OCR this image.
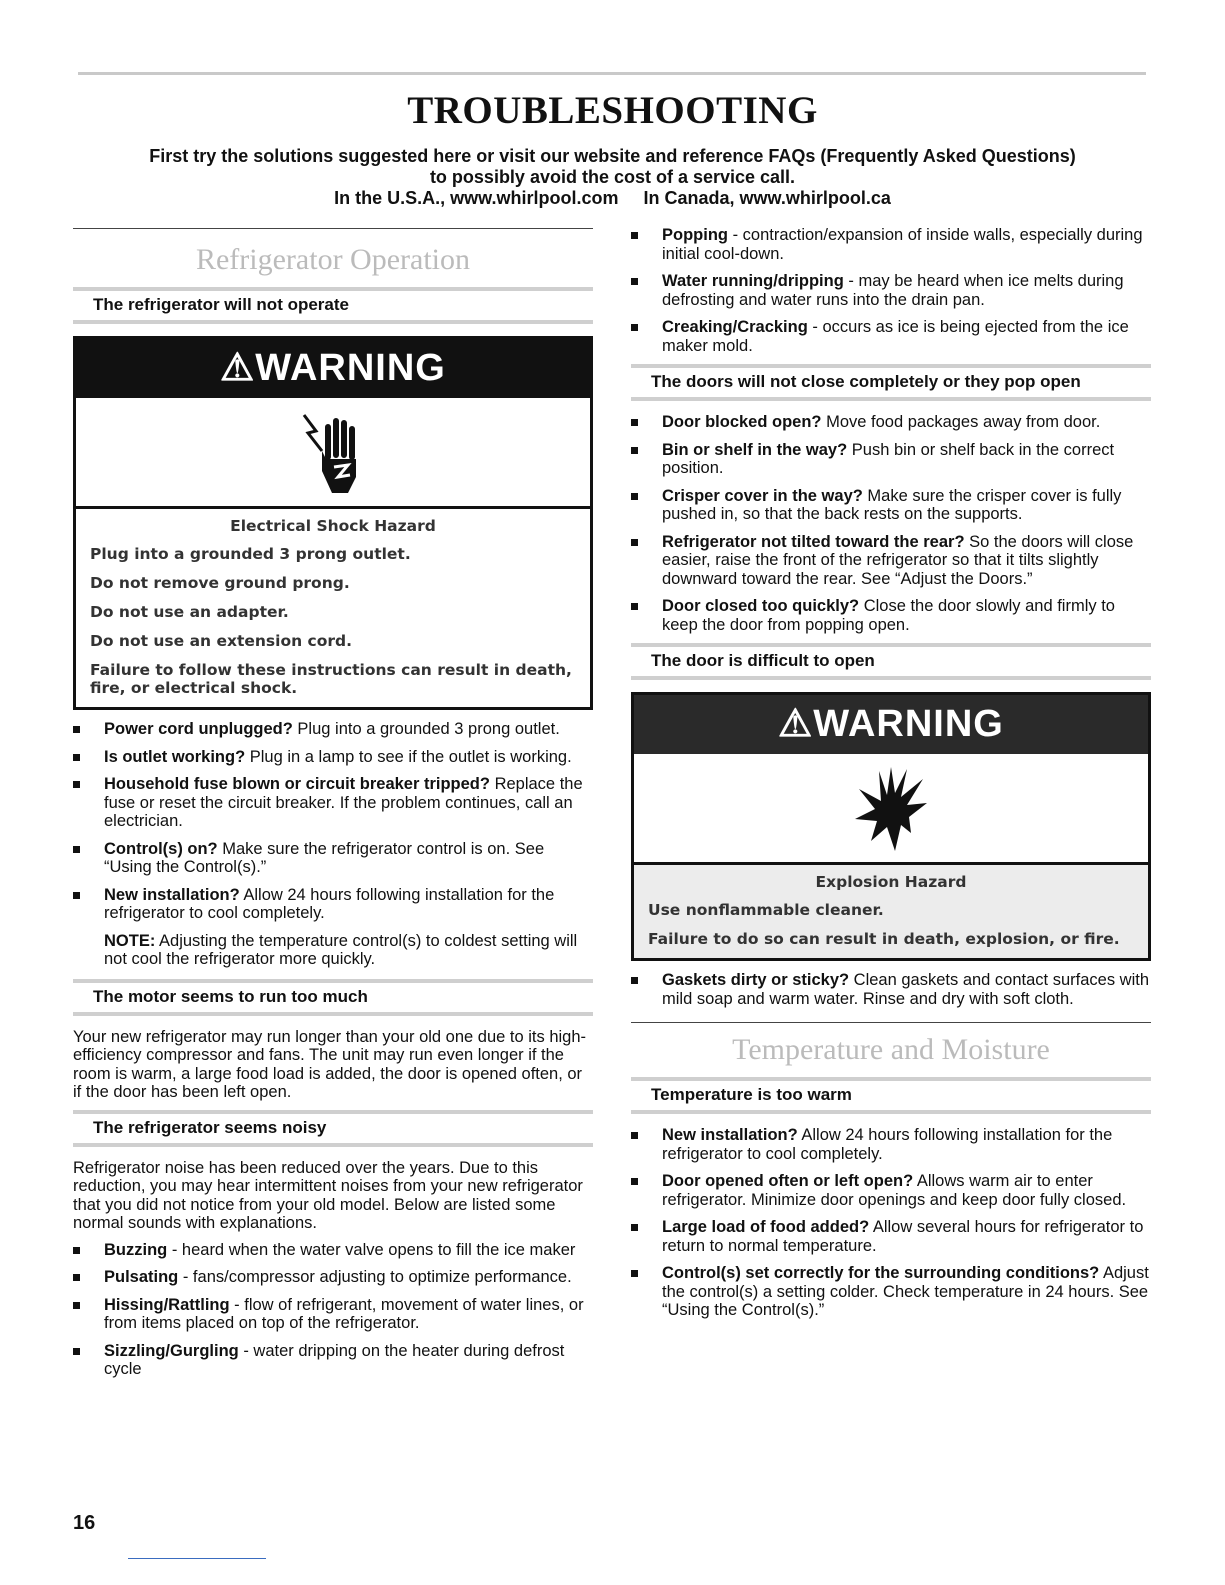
TROUBLESHOOTING
First try the solutions suggested here or visit our website and reference FAQs (Frequently Asked Questions)
to possibly avoid the cost of a service call.
In the U.S.A., www.whirlpool.com     In Canada, www.whirlpool.ca
Refrigerator Operation
The refrigerator will not operate
⚠WARNING
Electrical Shock Hazard

Plug into a grounded 3 prong outlet.

Do not remove ground prong.

Do not use an adapter.

Do not use an extension cord.

Failure to follow these instructions can result in death, fire, or electrical shock.

Power cord unplugged? Plug into a grounded 3 prong outlet.
Is outlet working? Plug in a lamp to see if the outlet is working.
Household fuse blown or circuit breaker tripped? Replace the fuse or reset the circuit breaker. If the problem continues, call an electrician.
Control(s) on? Make sure the refrigerator control is on. See “Using the Control(s).”
New installation? Allow 24 hours following installation for the refrigerator to cool completely.
NOTE: Adjusting the temperature control(s) to coldest setting will not cool the refrigerator more quickly.
The motor seems to run too much

Your new refrigerator may run longer than your old one due to its high-efficiency compressor and fans. The unit may run even longer if the room is warm, a large food load is added, the door is opened often, or if the door has been left open.

The refrigerator seems noisy

Refrigerator noise has been reduced over the years. Due to this reduction, you may hear intermittent noises from your new refrigerator that you did not notice from your old model. Below are listed some normal sounds with explanations.

Buzzing - heard when the water valve opens to fill the ice maker
Pulsating - fans/compressor adjusting to optimize performance.
Hissing/Rattling - flow of refrigerant, movement of water lines, or from items placed on top of the refrigerator.
Sizzling/Gurgling - water dripping on the heater during defrost cycle
Popping - contraction/expansion of inside walls, especially during initial cool-down.
Water running/dripping - may be heard when ice melts during defrosting and water runs into the drain pan.
Creaking/Cracking - occurs as ice is being ejected from the ice maker mold.
The doors will not close completely or they pop open
Door blocked open? Move food packages away from door.
Bin or shelf in the way? Push bin or shelf back in the correct position.
Crisper cover in the way? Make sure the crisper cover is fully pushed in, so that the back rests on the supports.
Refrigerator not tilted toward the rear? So the doors will close easier, raise the front of the refrigerator so that it tilts slightly downward toward the rear. See “Adjust the Doors.”
Door closed too quickly? Close the door slowly and firmly to keep the door from popping open.
The door is difficult to open
⚠WARNING
Explosion Hazard

Use nonflammable cleaner.

Failure to do so can result in death, explosion, or fire.

Gaskets dirty or sticky? Clean gaskets and contact surfaces with mild soap and warm water. Rinse and dry with soft cloth.
Temperature and Moisture
Temperature is too warm
New installation? Allow 24 hours following installation for the refrigerator to cool completely.
Door opened often or left open? Allows warm air to enter refrigerator. Minimize door openings and keep door fully closed.
Large load of food added? Allow several hours for refrigerator to return to normal temperature.
Control(s) set correctly for the surrounding conditions? Adjust the control(s) a setting colder. Check temperature in 24 hours. See “Using the Control(s).”
16
